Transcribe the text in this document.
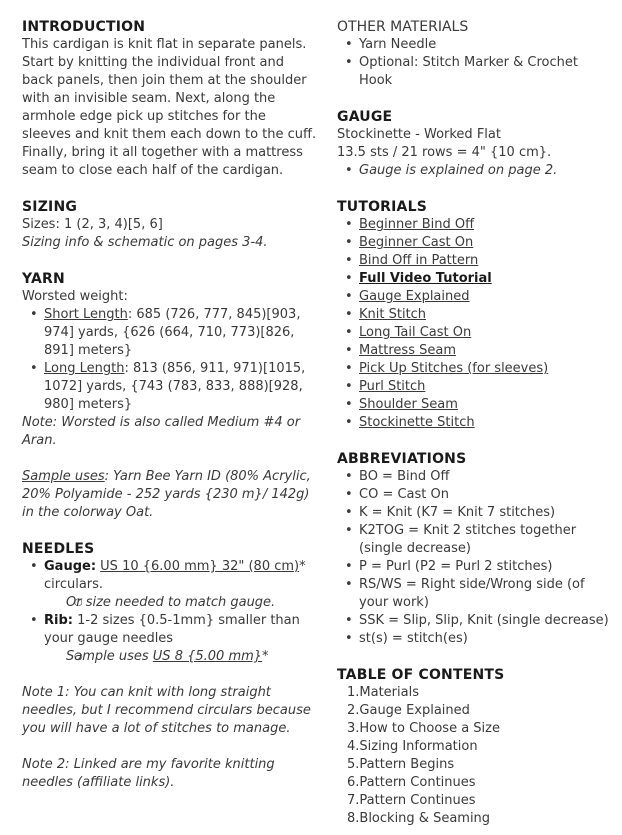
INTRODUCTION

This cardigan is knit flat in separate panels. Start by knitting the individual front and back panels, then join them at the shoulder with an invisible seam. Next, along the armhole edge pick up stitches for the sleeves and knit them each down to the cuff. Finally, bring it all together with a mattress seam to close each half of the cardigan.

SIZING

Sizes: 1 (2, 3, 4)[5, 6]

Sizing info & schematic on pages 3-4.

YARN

Worsted weight:

• Short Length: 685 (726, 777, 845)[903, 974] yards, {626 (664, 710, 773)[826, 891] meters}
• Long Length: 813 (856, 911, 971)[1015, 1072] yards, {743 (783, 833, 888)[928, 980] meters}

Note: Worsted is also called Medium #4 or Aran.

Sample uses: Yarn Bee Yarn ID (80% Acrylic, 20% Polyamide - 252 yards {230 m}/ 142g) in the colorway Oat.

NEEDLES
• Gauge: US 10 {6.00 mm} 32" (80 cm)* circulars.
○ Or size needed to match gauge.
• Rib: 1-2 sizes {0.5-1mm} smaller than your gauge needles
○ Sample uses US 8 {5.00 mm}*

Note 1: You can knit with long straight needles, but I recommend circulars because you will have a lot of stitches to manage.

Note 2: Linked are my favorite knitting needles (affiliate links).

OTHER MATERIALS

• Yarn Needle
• Optional: Stitch Marker & Crochet Hook
GAUGE

Stockinette - Worked Flat

13.5 sts / 21 rows = 4" {10 cm}.

• Gauge is explained on page 2.
TUTORIALS
• Beginner Bind Off
• Beginner Cast On
• Bind Off in Pattern
• Full Video Tutorial
• Gauge Explained
• Knit Stitch
• Long Tail Cast On
• Mattress Seam
• Pick Up Stitches (for sleeves)
• Purl Stitch
• Shoulder Seam
• Stockinette Stitch
ABBREVIATIONS
• BO = Bind Off
• CO = Cast On
• K = Knit (K7 = Knit 7 stitches)
• K2TOG = Knit 2 stitches together (single decrease)
• P = Purl (P2 = Purl 2 stitches)
• RS/WS = Right side/Wrong side (of your work)
• SSK = Slip, Slip, Knit (single decrease)
• st(s) = stitch(es)
TABLE OF CONTENTS
1.Materials
2.Gauge Explained
3.How to Choose a Size
4.Sizing Information
5.Pattern Begins
6.Pattern Continues
7.Pattern Continues
8.Blocking & Seaming
